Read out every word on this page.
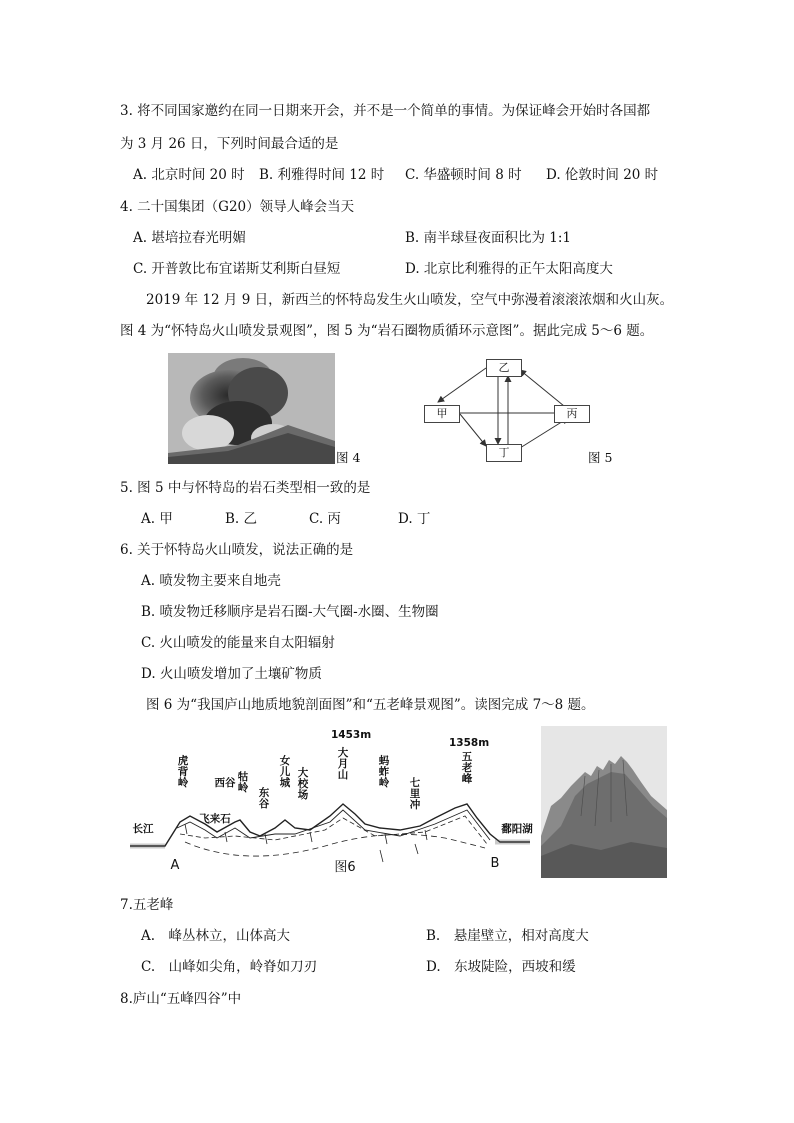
3. 将不同国家邀约在同一日期来开会，并不是一个简单的事情。为保证峰会开始时各国都
为 3 月 26 日，下列时间最合适的是
A. 北京时间 20 时 B. 利雅得时间 12 时 C. 华盛顿时间 8 时 D. 伦敦时间 20 时
4. 二十国集团（G20）领导人峰会当天
A. 堪培拉春光明媚	B. 南半球昼夜面积比为 1:1
C. 开普敦比布宜诺斯艾利斯白昼短	D. 北京比利雅得的正午太阳高度大
2019 年 12 月 9 日，新西兰的怀特岛发生火山喷发，空气中弥漫着滚滚浓烟和火山灰。
图 4 为“怀特岛火山喷发景观图”，图 5 为“岩石圈物质循环示意图”。据此完成 5～6 题。
图 4
乙
甲	丙
丁	图 5
5. 图 5 中与怀特岛的岩石类型相一致的是
A. 甲	B. 乙	C. 丙	D. 丁
6. 关于怀特岛火山喷发，说法正确的是
A. 喷发物主要来自地壳
B. 喷发物迁移顺序是岩石圈-大气圈-水圈、生物圈
C. 火山喷发的能量来自太阳辐射
D. 火山喷发增加了土壤矿物质
图 6 为“我国庐山地质地貌剖面图”和“五老峰景观图”。读图完成 7～8 题。
1453m
1358m
虎背岭	西谷 牯岭 东谷
女儿城
大校场
大月山
蚂蚱岭 七里冲
五老峰
飞来石
长江	鄱阳湖
A	B
图6
7.五老峰
A.　峰丛林立，山体高大	B.　悬崖壁立，相对高度大
C.　山峰如尖角，岭脊如刀刃	D.　东坡陡险，西坡和缓
8.庐山“五峰四谷”中
